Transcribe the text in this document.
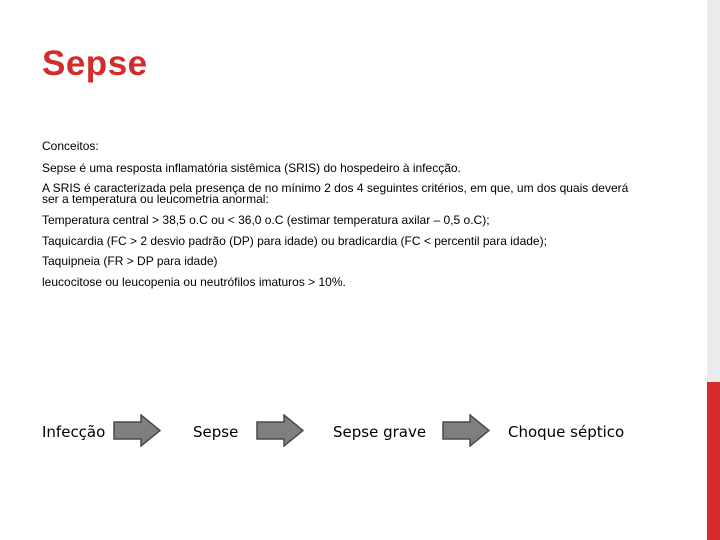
Sepse
Conceitos:
Sepse é uma resposta inflamatória sistêmica (SRIS) do hospedeiro à infecção.
A SRIS é caracterizada pela presença de no mínimo 2 dos 4 seguintes critérios, em que, um dos quais deverá ser a temperatura ou leucometria anormal:
Temperatura central > 38,5 o.C ou < 36,0 o.C (estimar temperatura axilar – 0,5 o.C);
Taquicardia (FC > 2 desvio padrão (DP) para idade) ou bradicardia (FC < percentil para idade);
Taquipneia (FR > DP para idade)
leucocitose ou leucopenia ou neutrófilos imaturos > 10%.
Infecção	Sepse	Sepse grave	Choque séptico
